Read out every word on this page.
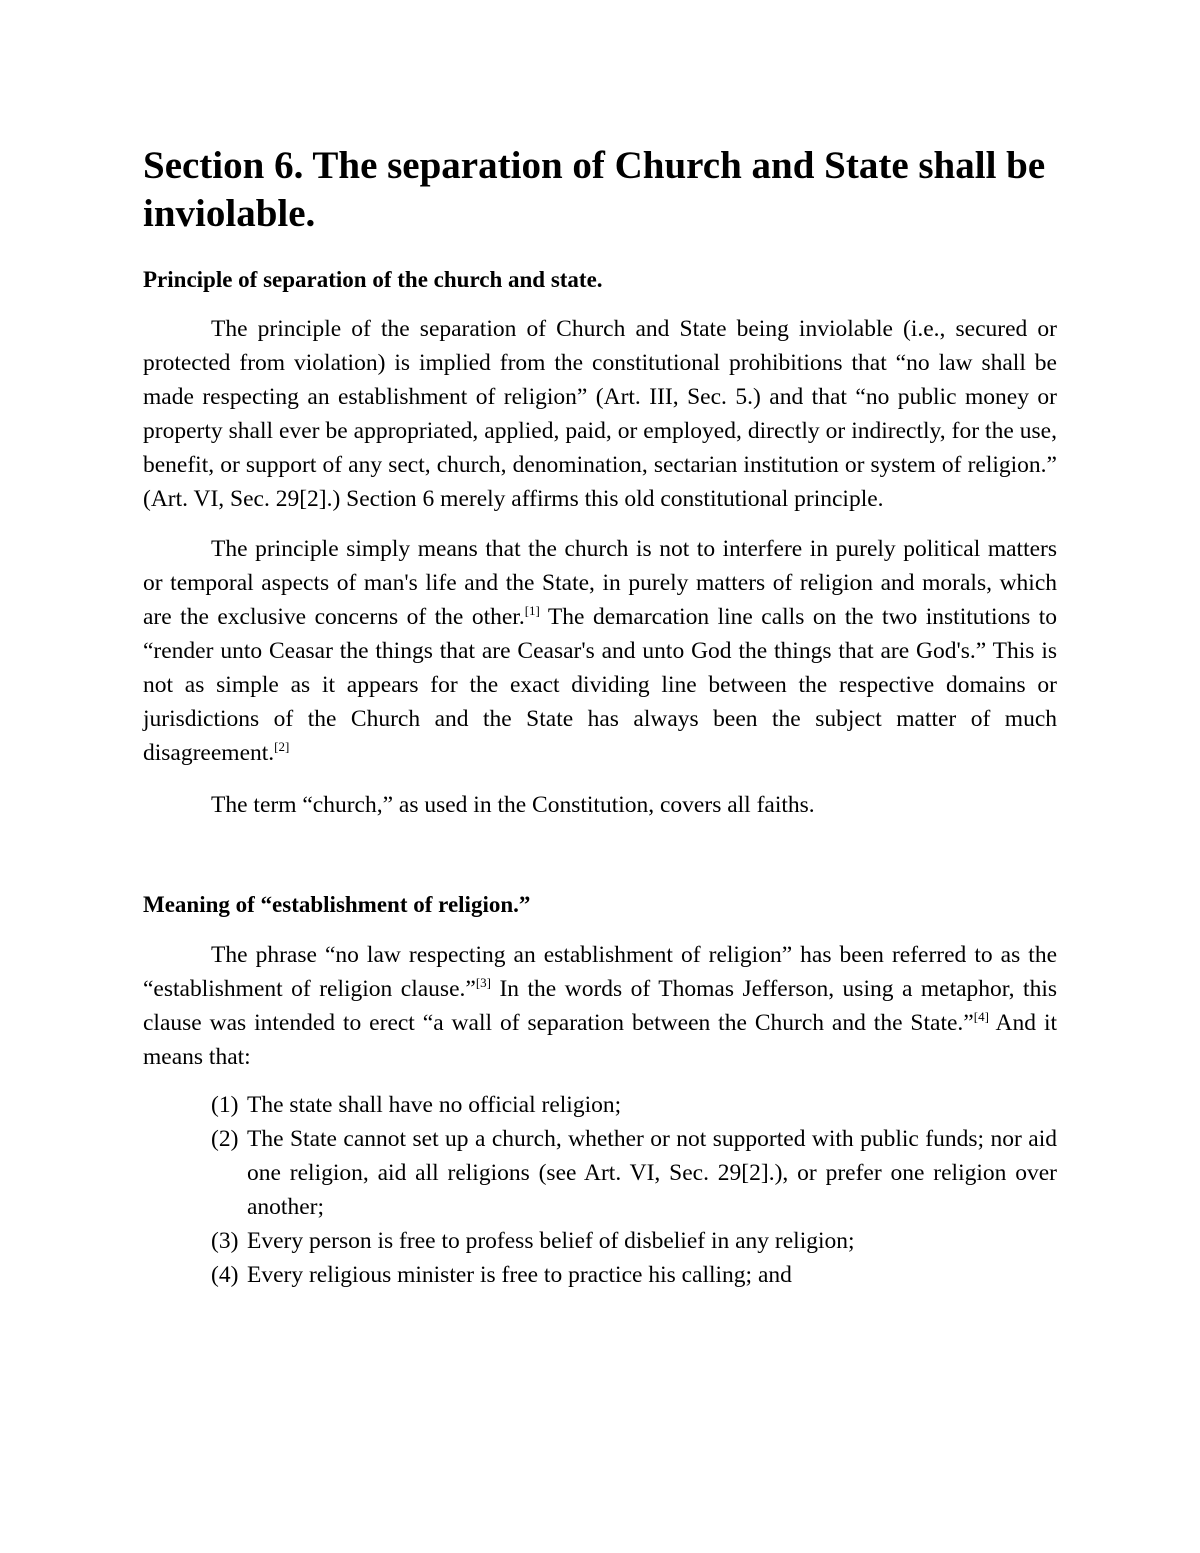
Section 6. The separation of Church and State shall be inviolable.
Principle of separation of the church and state.

The principle of the separation of Church and State being inviolable (i.e., secured or protected from violation) is implied from the constitutional prohibitions that “no law shall be made respecting an establishment of religion” (Art. III, Sec. 5.) and that “no public money or property shall ever be appropriated, applied, paid, or employed, directly or indirectly, for the use, benefit, or support of any sect, church, denomination, sectarian institution or system of religion.” (Art. VI, Sec. 29[2].) Section 6 merely affirms this old constitutional principle.

The principle simply means that the church is not to interfere in purely political matters or temporal aspects of man's life and the State, in purely matters of religion and morals, which are the exclusive concerns of the other.[1] The demarcation line calls on the two institutions to “render unto Ceasar the things that are Ceasar's and unto God the things that are God's.” This is not as simple as it appears for the exact dividing line between the respective domains or jurisdictions of the Church and the State has always been the subject matter of much disagreement.[2]

The term “church,” as used in the Constitution, covers all faiths.

Meaning of “establishment of religion.”

The phrase “no law respecting an establishment of religion” has been referred to as the “establishment of religion clause.”[3] In the words of Thomas Jefferson, using a metaphor, this clause was intended to erect “a wall of separation between the Church and the State.”[4] And it means that:

(1) The state shall have no official religion;
(2) The State cannot set up a church, whether or not supported with public funds; nor aid one religion, aid all religions (see Art. VI, Sec. 29[2].), or prefer one religion over another;
(3) Every person is free to profess belief of disbelief in any religion;
(4) Every religious minister is free to practice his calling; and
